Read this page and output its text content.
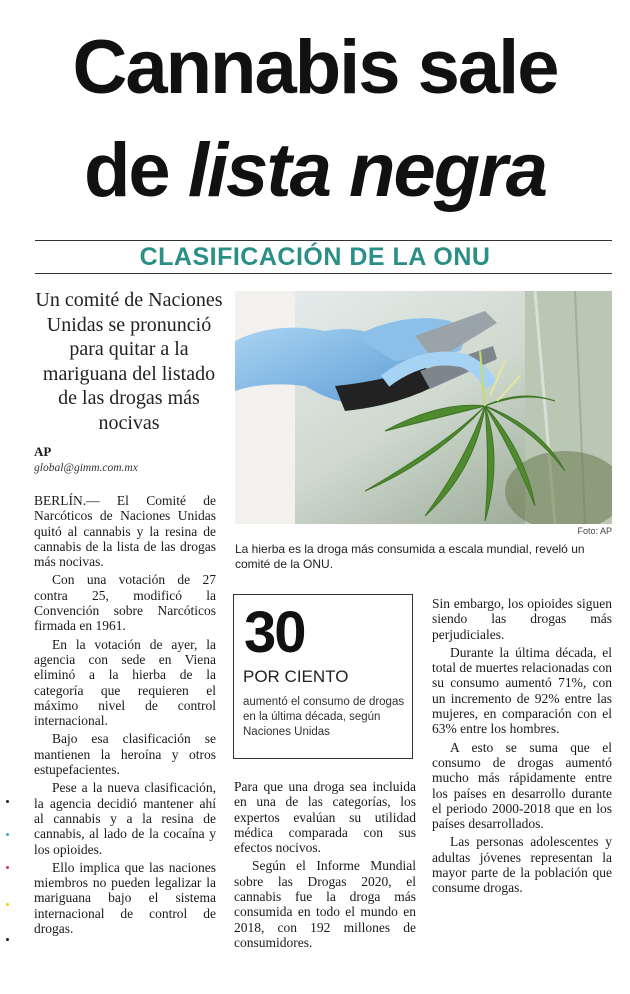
Cannabis sale
de lista negra
CLASIFICACIÓN DE LA ONU
Un comité de Naciones Unidas se pronunció para quitar a la mariguana del listado de las drogas más nocivas
AP
global@gimm.com.mx

BERLÍN.— El Comité de Narcóticos de Naciones Unidas quitó al cannabis y la resina de cannabis de la lista de las drogas más nocivas.

Con una votación de 27 contra 25, modificó la Convención sobre Narcóticos firmada en 1961.

En la votación de ayer, la agencia con sede en Viena eliminó a la hierba de la categoría que requieren el máximo nivel de control internacional.

Bajo esa clasificación se mantienen la heroína y otros estupefacientes.

Pese a la nueva clasificación, la agencia decidió mantener ahí al cannabis y a la resina de cannabis, al lado de la cocaína y los opioides.

Ello implica que las naciones miembros no pueden legalizar la mariguana bajo el sistema internacional de control de drogas.

Foto: AP
La hierba es la droga más consumida a escala mundial, reveló un comité de la ONU.
30
POR CIENTO
aumentó el consumo de drogas en la última década, según Naciones Unidas

Para que una droga sea incluida en una de las categorías, los expertos evalúan su utilidad médica comparada con sus efectos nocivos.

Según el Informe Mundial sobre las Drogas 2020, el cannabis fue la droga más consumida en todo el mundo en 2018, con 192 millones de consumidores.

Sin embargo, los opioides siguen siendo las drogas más perjudiciales.

Durante la última década, el total de muertes relacionadas con su consumo aumentó 71%, con un incremento de 92% entre las mujeres, en comparación con el 63% entre los hombres.

A esto se suma que el consumo de drogas aumentó mucho más rápidamente entre los países en desarrollo durante el periodo 2000-2018 que en los países desarrollados.

Las personas adolescentes y adultas jóvenes representan la mayor parte de la población que consume drogas.
